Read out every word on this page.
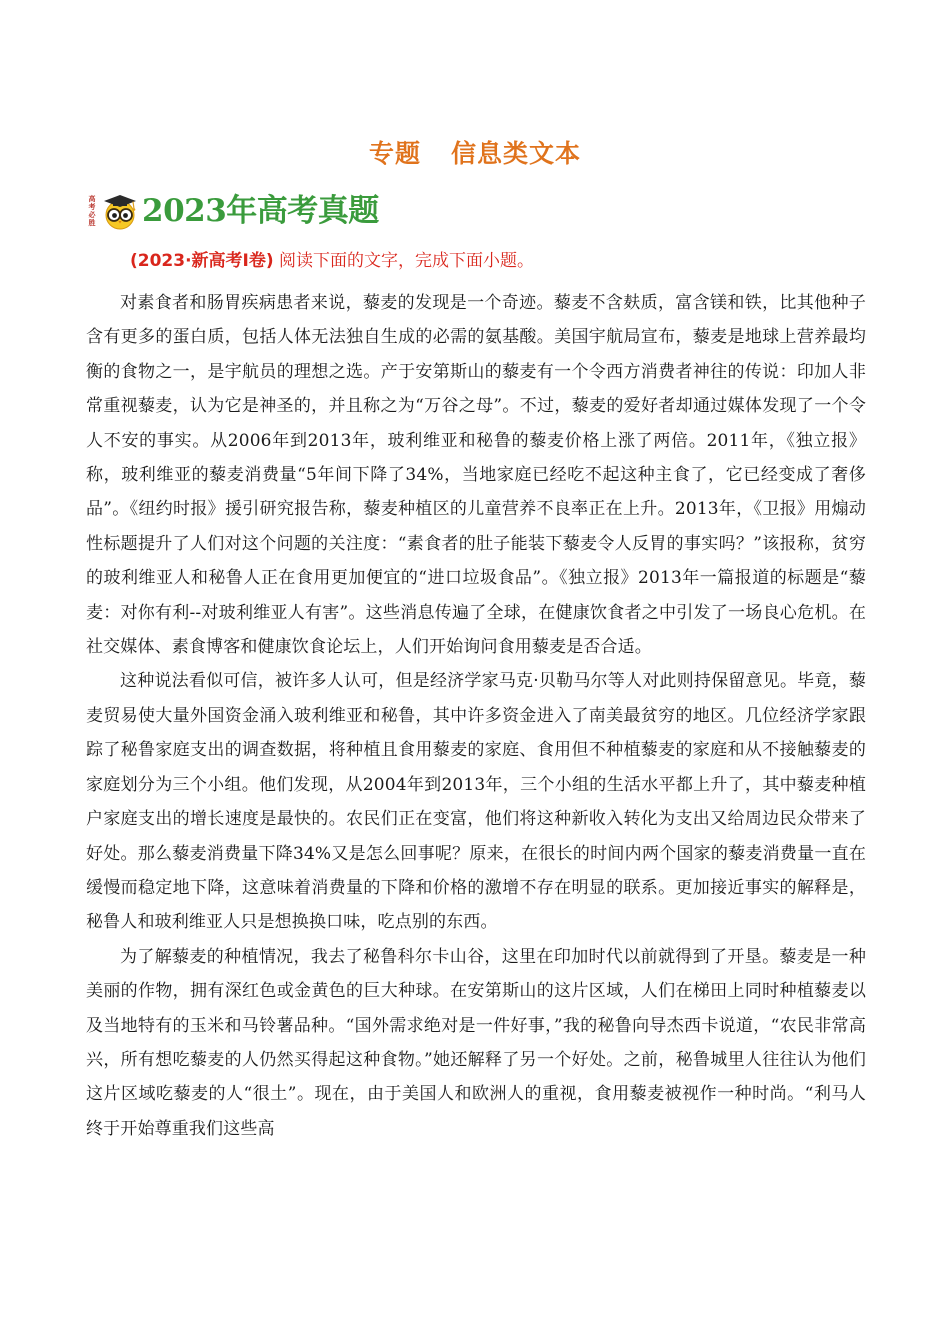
专题 信息类文本
高
考
必
胜 2023年高考真题
(2023·新高考Ⅰ卷) 阅读下面的文字，完成下面小题。

对素食者和肠胃疾病患者来说，藜麦的发现是一个奇迹。藜麦不含麸质，富含镁和铁，比其他种子含有更多的蛋白质，包括人体无法独自生成的必需的氨基酸。美国宇航局宣布，藜麦是地球上营养最均衡的食物之一，是宇航员的理想之选。产于安第斯山的藜麦有一个令西方消费者神往的传说：印加人非常重视藜麦，认为它是神圣的，并且称之为“万谷之母”。不过，藜麦的爱好者却通过媒体发现了一个令人不安的事实。从2006年到2013年，玻利维亚和秘鲁的藜麦价格上涨了两倍。2011年，《独立报》称，玻利维亚的藜麦消费量“5年间下降了34%，当地家庭已经吃不起这种主食了，它已经变成了奢侈品”。《纽约时报》援引研究报告称，藜麦种植区的儿童营养不良率正在上升。2013年，《卫报》用煽动性标题提升了人们对这个问题的关注度：“素食者的肚子能装下藜麦令人反胃的事实吗？”该报称，贫穷的玻利维亚人和秘鲁人正在食用更加便宜的“进口垃圾食品”。《独立报》2013年一篇报道的标题是“藜麦：对你有利--对玻利维亚人有害”。这些消息传遍了全球，在健康饮食者之中引发了一场良心危机。在社交媒体、素食博客和健康饮食论坛上，人们开始询问食用藜麦是否合适。

这种说法看似可信，被许多人认可，但是经济学家马克·贝勒马尔等人对此则持保留意见。毕竟，藜麦贸易使大量外国资金涌入玻利维亚和秘鲁，其中许多资金进入了南美最贫穷的地区。几位经济学家跟踪了秘鲁家庭支出的调查数据，将种植且食用藜麦的家庭、食用但不种植藜麦的家庭和从不接触藜麦的家庭划分为三个小组。他们发现，从2004年到2013年，三个小组的生活水平都上升了，其中藜麦种植户家庭支出的增长速度是最快的。农民们正在变富，他们将这种新收入转化为支出又给周边民众带来了好处。那么藜麦消费量下降34%又是怎么回事呢？原来，在很长的时间内两个国家的藜麦消费量一直在缓慢而稳定地下降，这意味着消费量的下降和价格的激增不存在明显的联系。更加接近事实的解释是，秘鲁人和玻利维亚人只是想换换口味，吃点别的东西。

为了解藜麦的种植情况，我去了秘鲁科尔卡山谷，这里在印加时代以前就得到了开垦。藜麦是一种美丽的作物，拥有深红色或金黄色的巨大种球。在安第斯山的这片区域，人们在梯田上同时种植藜麦以及当地特有的玉米和马铃薯品种。“国外需求绝对是一件好事，”我的秘鲁向导杰西卡说道，“农民非常高兴，所有想吃藜麦的人仍然买得起这种食物。”她还解释了另一个好处。之前，秘鲁城里人往往认为他们这片区域吃藜麦的人“很土”。现在，由于美国人和欧洲人的重视，食用藜麦被视作一种时尚。“利马人终于开始尊重我们这些高
